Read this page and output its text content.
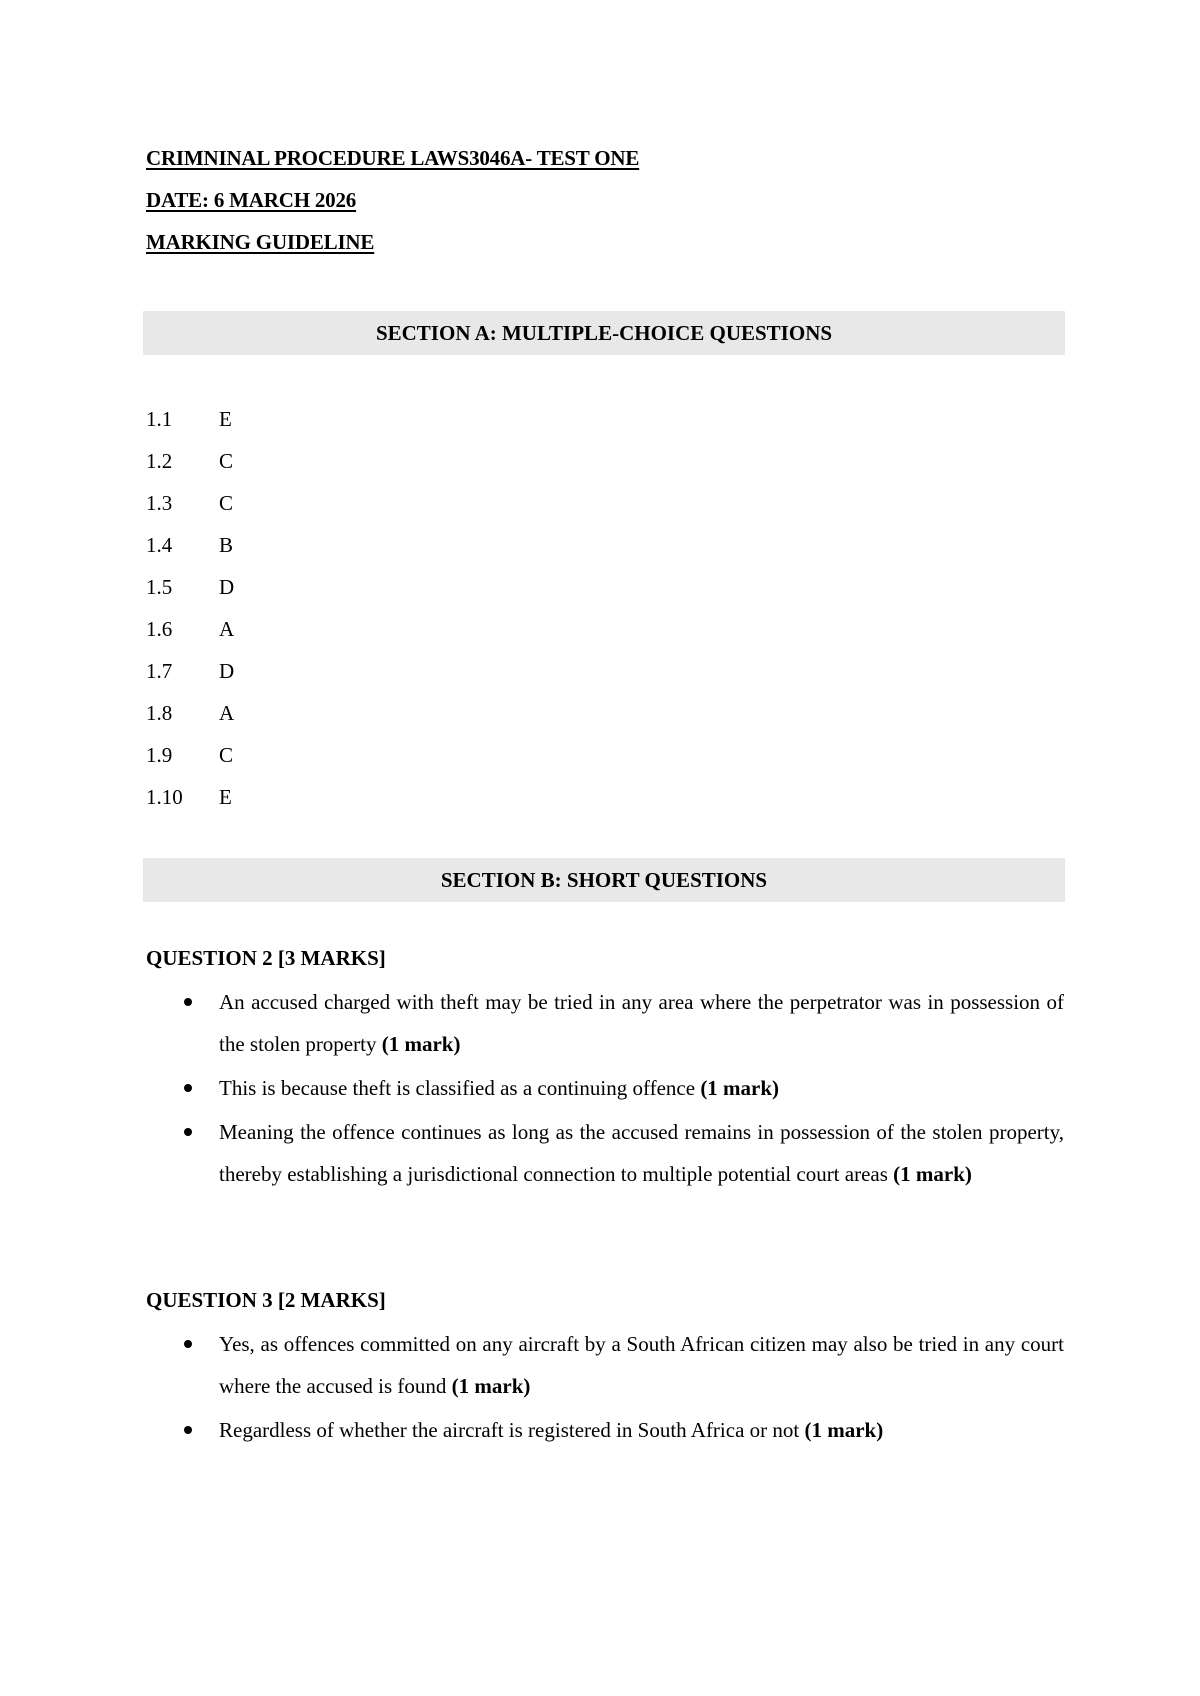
CRIMNINAL PROCEDURE LAWS3046A- TEST ONE
DATE: 6 MARCH 2026
MARKING GUIDELINE
SECTION A: MULTIPLE-CHOICE QUESTIONS
1.1	E
1.2	C
1.3	C
1.4	B
1.5	D
1.6	A
1.7	D
1.8	A
1.9	C
1.10	E
SECTION B: SHORT QUESTIONS
QUESTION 2 [3 MARKS]
An accused charged with theft may be tried in any area where the perpetrator was in possession of the stolen property (1 mark)
This is because theft is classified as a continuing offence (1 mark)
Meaning the offence continues as long as the accused remains in possession of the stolen property, thereby establishing a jurisdictional connection to multiple potential court areas (1 mark)
QUESTION 3 [2 MARKS]
Yes, as offences committed on any aircraft by a South African citizen may also be tried in any court where the accused is found (1 mark)
Regardless of whether the aircraft is registered in South Africa or not (1 mark)
